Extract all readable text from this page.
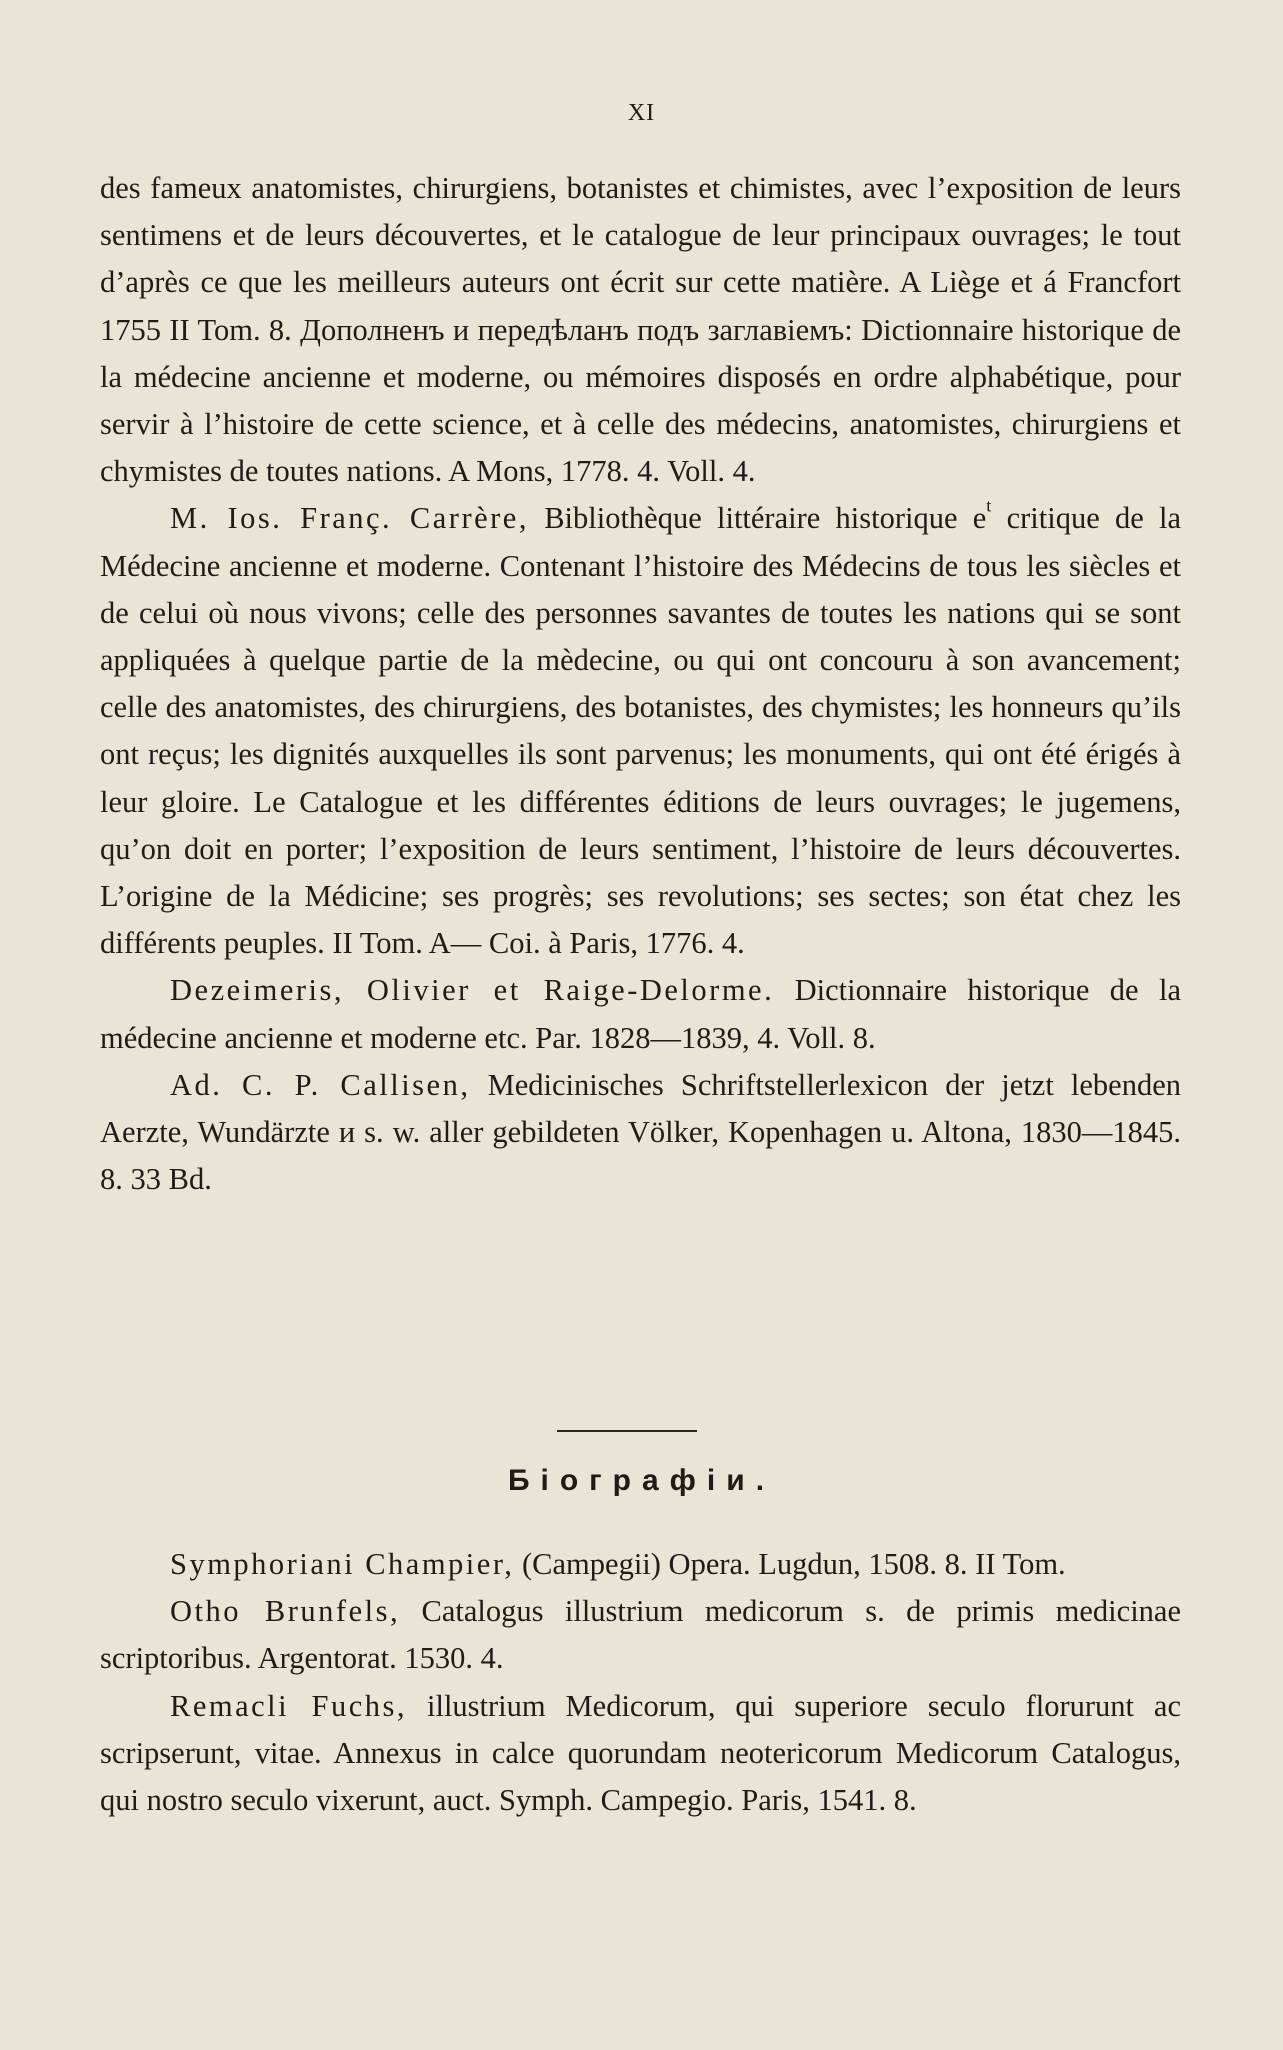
XI

des fameux anatomistes, chirurgiens, botanistes et chimistes, avec l’exposition de leurs sentimens et de leurs découvertes, et le catalogue de leur principaux ouvrages; le tout d’après ce que les meilleurs auteurs ont écrit sur cette matière. A Liège et á Francfort 1755 II Tom. 8. Дополненъ и передѣланъ подъ заглавіемъ: Dictionnaire historique de la médecine ancienne et moderne, ou mémoires disposés en ordre alphabétique, pour servir à l’histoire de cette science, et à celle des médecins, anatomistes, chirurgiens et chymistes de toutes nations. A Mons, 1778. 4. Voll. 4.

M. Ios. Franç. Carrère, Bibliothèque littéraire historique $e^t$ critique de la Médecine ancienne et moderne. Contenant l’histoire des Médecins de tous les siècles et de celui où nous vivons; celle des personnes savantes de toutes les nations qui se sont appliquées à quelque partie de la mèdecine, ou qui ont concouru à son avancement; celle des anatomistes, des chirurgiens, des botanistes, des chymistes; les honneurs qu’ils ont reçus; les dignités auxquelles ils sont parvenus; les monuments, qui ont été érigés à leur gloire. Le Catalogue et les différentes éditions de leurs ouvrages; le jugemens, qu’on doit en porter; l’exposition de leurs sentiment, l’histoire de leurs découvertes. L’origine de la Médicine; ses progrès; ses revolutions; ses sectes; son état chez les différents peuples. II Tom. A— Coi. à Paris, 1776. 4.

Dezeimeris, Olivier et Raige-Delorme. Dictionnaire historique de la médecine ancienne et moderne etc. Par. 1828—1839, 4. Voll. 8.

Ad. C. P. Callisen, Medicinisches Schriftstellerlexicon der jetzt lebenden Aerzte, Wundärzte и s. w. aller gebildeten Völker, Kopenhagen u. Altona, 1830—1845. 8. 33 Bd.

Біографіи.

Symphoriani Champier, (Campegii) Opera. Lugdun, 1508. 8. II Tom.

Otho Brunfels, Catalogus illustrium medicorum s. de primis medicinae scriptoribus. Argentorat. 1530. 4.

Remacli Fuchs, illustrium Medicorum, qui superiore seculo florurunt ac scripserunt, vitae. Annexus in calce quorundam neotericorum Medicorum Catalogus, qui nostro seculo vixerunt, auct. Symph. Campegio. Paris, 1541. 8.
